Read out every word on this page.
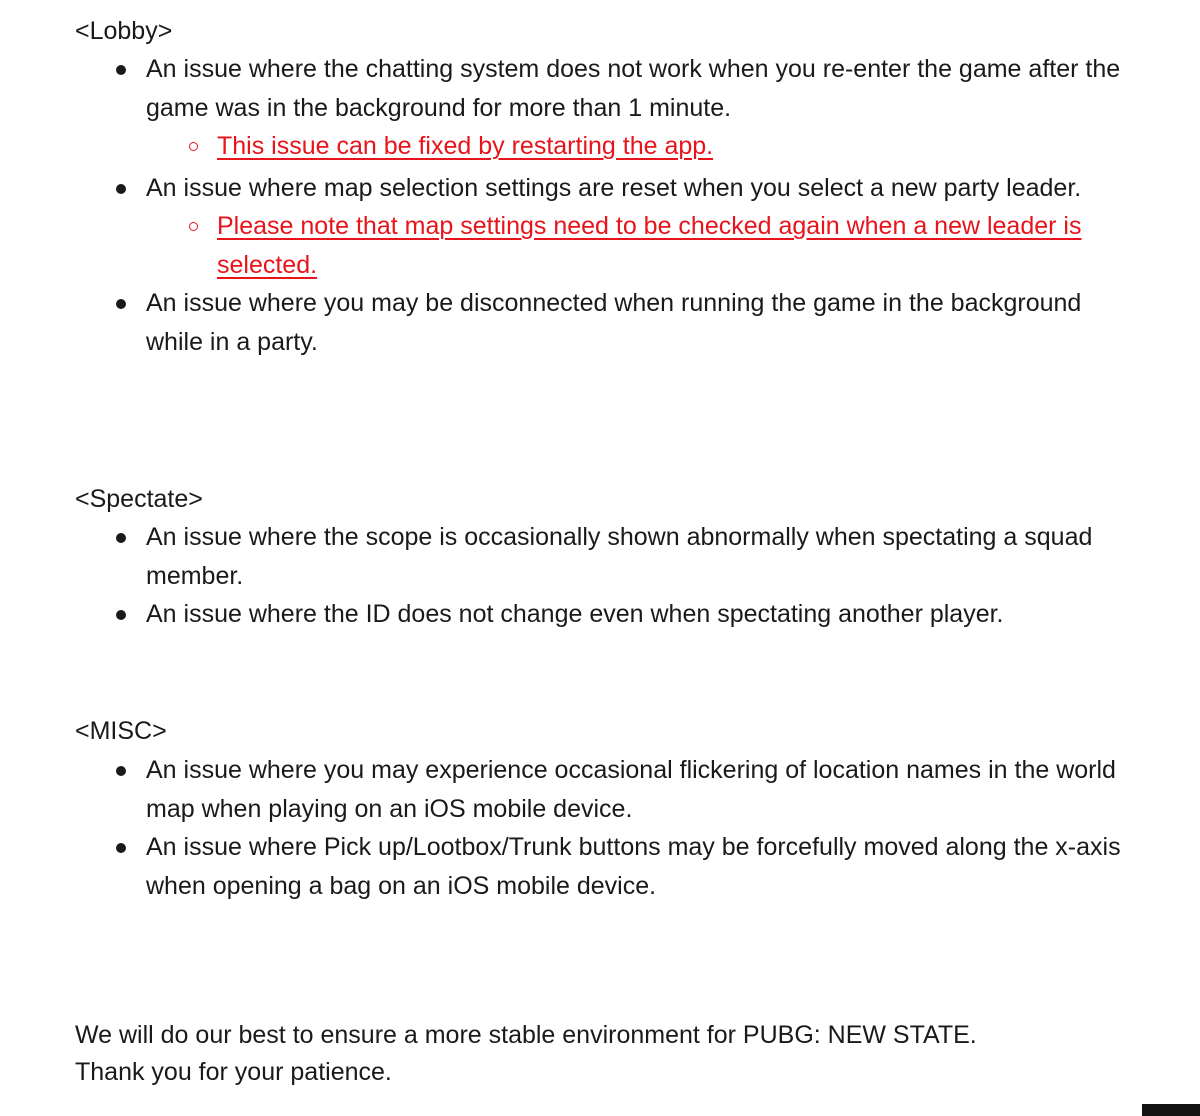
<Lobby>
An issue where the chatting system does not work when you re-enter the game after the game was in the background for more than 1 minute.
This issue can be fixed by restarting the app.
An issue where map selection settings are reset when you select a new party leader.
Please note that map settings need to be checked again when a new leader is selected.
An issue where you may be disconnected when running the game in the background while in a party.
<Spectate>
An issue where the scope is occasionally shown abnormally when spectating a squad member.
An issue where the ID does not change even when spectating another player.
<MISC>
An issue where you may experience occasional flickering of location names in the world map when playing on an iOS mobile device.
An issue where Pick up/Lootbox/Trunk buttons may be forcefully moved along the x-axis when opening a bag on an iOS mobile device.

We will do our best to ensure a more stable environment for PUBG: NEW STATE.

Thank you for your patience.
